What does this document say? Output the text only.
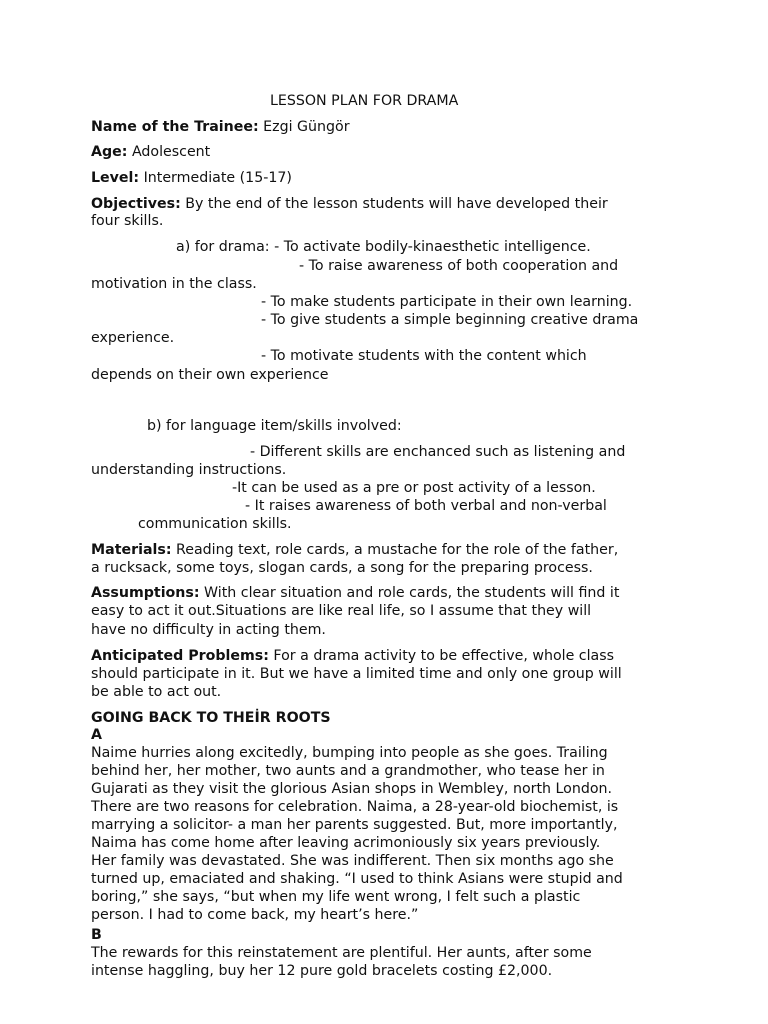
LESSON PLAN FOR DRAMA
Name of the Trainee: Ezgi Güngör
Age: Adolescent
Level: Intermediate (15-17)
Objectives: By the end of the lesson students will have developed their
four skills.
a) for drama: - To activate bodily-kinaesthetic intelligence.
- To raise awareness of both cooperation and
motivation in the class.
- To make students participate in their own learning.
- To give students a simple beginning creative drama
experience.
- To motivate students with the content which
depends on their own experience
b) for language item/skills involved:
- Different skills are enchanced such as listening and
understanding instructions.
-It can be used as a pre or post activity of a lesson.
- It raises awareness of both verbal and non-verbal
communication skills.
Materials: Reading text, role cards, a mustache for the role of the father,
a rucksack, some toys, slogan cards, a song for the preparing process.
Assumptions: With clear situation and role cards, the students will find it
easy to act it out.Situations are like real life, so I assume that they will
have no difficulty in acting them.
Anticipated Problems: For a drama activity to be effective, whole class
should participate in it. But we have a limited time and only one group will
be able to act out.
GOING BACK TO THEİR ROOTS
A
Naime hurries along excitedly, bumping into people as she goes. Trailing
behind her, her mother, two aunts and a grandmother, who tease her in
Gujarati as they visit the glorious Asian shops in Wembley, north London.
There are two reasons for celebration. Naima, a 28-year-old biochemist, is
marrying a solicitor- a man her parents suggested. But, more importantly,
Naima has come home after leaving acrimoniously six years previously.
Her family was devastated. She was indifferent. Then six months ago she
turned up, emaciated and shaking. “I used to think Asians were stupid and
boring,” she says, “but when my life went wrong, I felt such a plastic
person. I had to come back, my heart’s here.”
B
The rewards for this reinstatement are plentiful. Her aunts, after some
intense haggling, buy her 12 pure gold bracelets costing £2,000.
